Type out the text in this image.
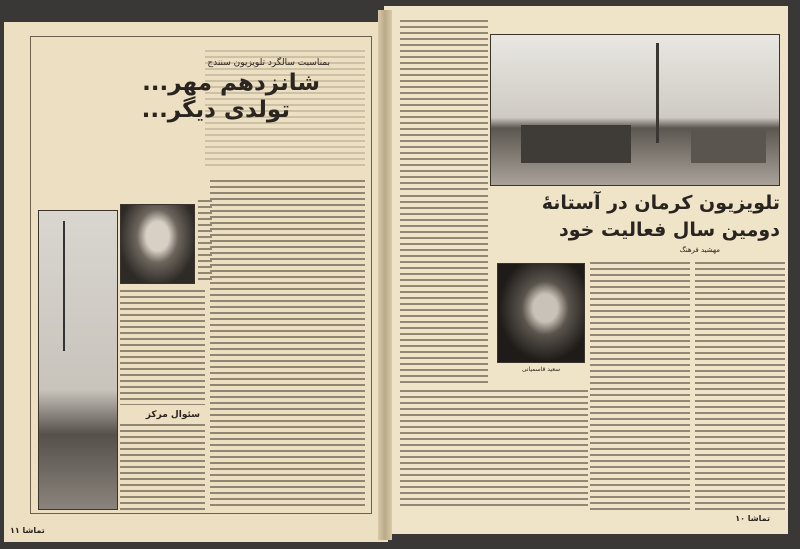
بمناسبت سالگرد تلویزیون سنندج
شانزدهم مهر...
تولدی دیگر...
سئوال مرکز
تماشا ۱۱
تلویزیون کرمان در آستانهٔ دومین سال فعالیت خود
مهشید فرهنگ
سعید قاسمیانی
تماشا ۱۰
